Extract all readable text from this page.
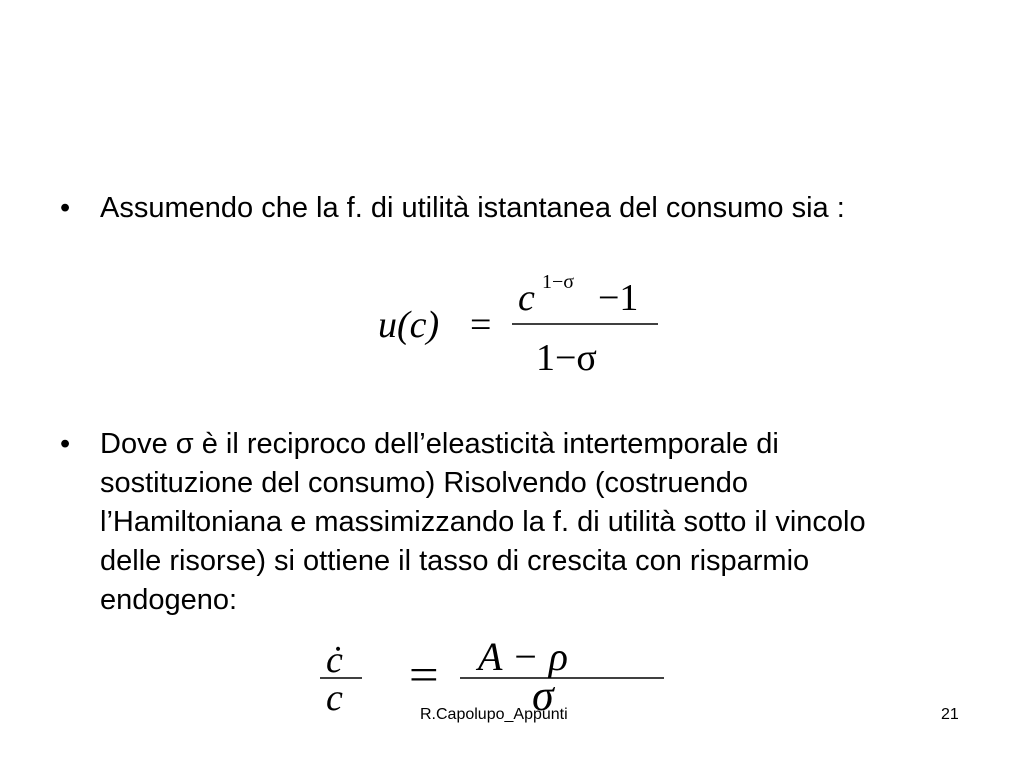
• Assumendo che la f. di utilità istantanea del consumo sia :
u(c) =
c 1−σ −1
1−σ
• Dove σ è il reciproco dell’eleasticità intertemporale di sostituzione del consumo) Risolvendo (costruendo l’Hamiltoniana e massimizzando la f. di utilità sotto il vincolo delle risorse) si ottiene il tasso di crescita con risparmio endogeno:
ċ
c = A − ρ
σ
R.Capolupo_Appunti	21
